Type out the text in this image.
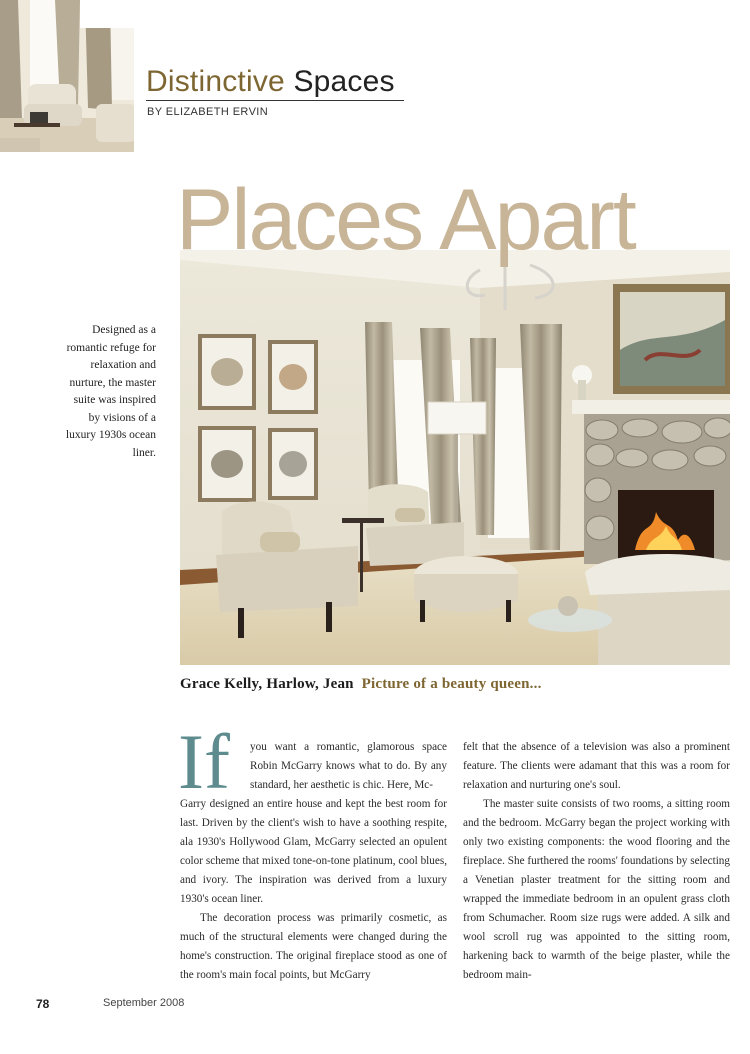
Distinctive Spaces
BY ELIZABETH ERVIN
Places Apart
Designed as a romantic refuge for relaxation and nurture, the master suite was inspired by visions of a luxury 1930s ocean liner.
Grace Kelly, Harlow, Jean Picture of a beauty queen...
If you want a romantic, glamorous space Robin McGarry knows what to do. By any standard, her aesthetic is chic. Here, Mc-

Garry designed an entire house and kept the best room for last. Driven by the client's wish to have a soothing respite, ala 1930's Hollywood Glam, McGarry selected an opulent color scheme that mixed tone-on-tone platinum, cool blues, and ivory. The inspiration was derived from a luxury 1930's ocean liner.

The decoration process was primarily cosmetic, as much of the structural elements were changed during the home's construction. The original fireplace stood as one of the room's main focal points, but McGarry

felt that the absence of a television was also a prominent feature. The clients were adamant that this was a room for relaxation and nurturing one's soul.

The master suite consists of two rooms, a sitting room and the bedroom. McGarry began the project working with only two existing components: the wood flooring and the fireplace. She furthered the rooms' foundations by selecting a Venetian plaster treatment for the sitting room and wrapped the immediate bedroom in an opulent grass cloth from Schumacher. Room size rugs were added. A silk and wool scroll rug was appointed to the sitting room, harkening back to warmth of the beige plaster, while the bedroom main-

78	September 2008
